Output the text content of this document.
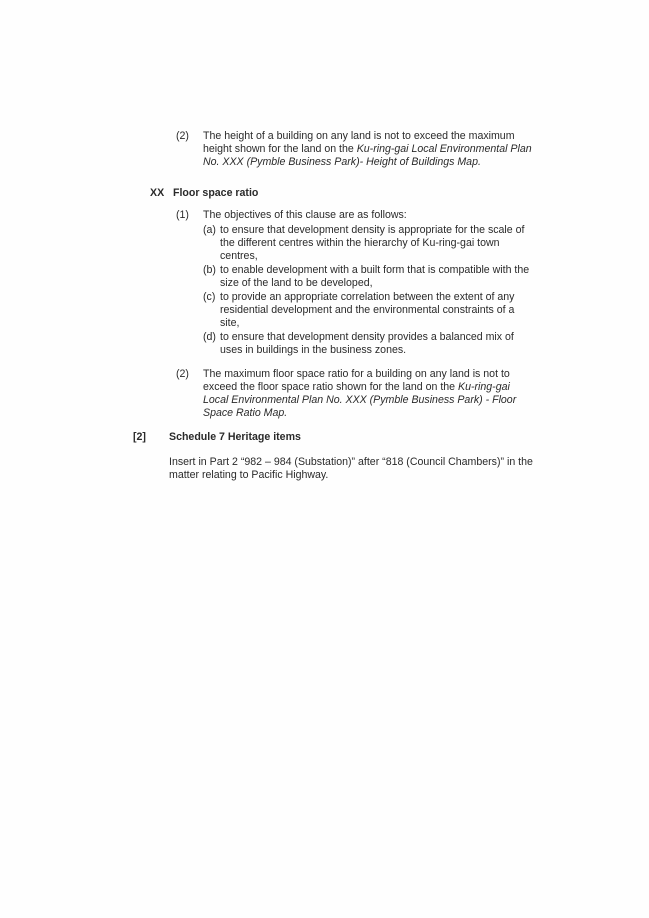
(2) The height of a building on any land is not to exceed the maximum
height shown for the land on the Ku-ring-gai Local Environmental Plan
No. XXX (Pymble Business Park)- Height of Buildings Map.
XX Floor space ratio
(1) The objectives of this clause are as follows:
(a) to ensure that development density is appropriate for the scale of
the different centres within the hierarchy of Ku-ring-gai town
centres,
(b) to enable development with a built form that is compatible with the
size of the land to be developed,
(c) to provide an appropriate correlation between the extent of any
residential development and the environmental constraints of a
site,
(d) to ensure that development density provides a balanced mix of
uses in buildings in the business zones.
(2) The maximum floor space ratio for a building on any land is not to
exceed the floor space ratio shown for the land on the Ku-ring-gai
Local Environmental Plan No. XXX (Pymble Business Park) - Floor
Space Ratio Map.
[2] Schedule 7 Heritage items
Insert in Part 2 “982 – 984 (Substation)” after “818 (Council Chambers)” in the
matter relating to Pacific Highway.
